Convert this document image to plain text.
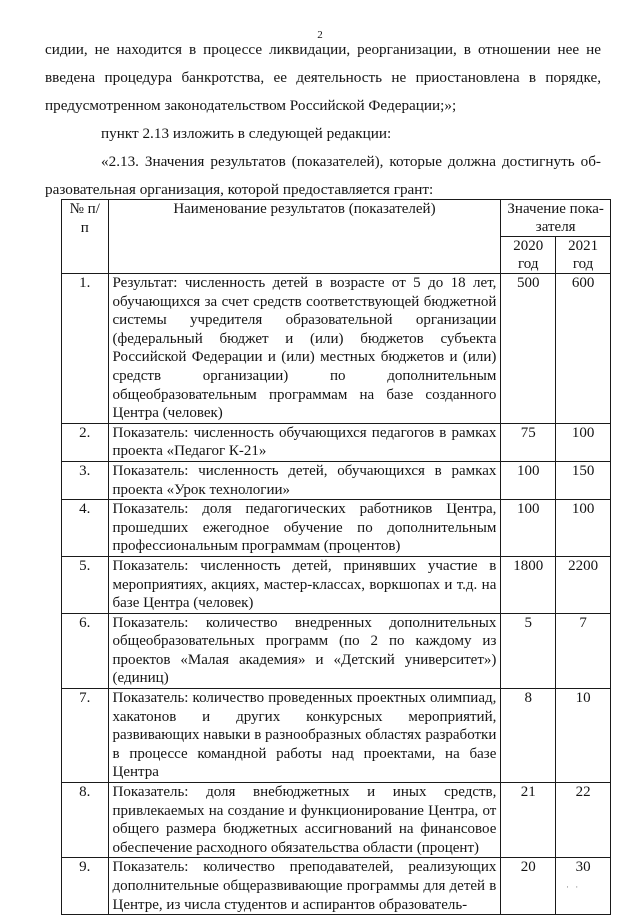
2
сидии, не находится в процессе ликвидации, реорганизации, в отношении нее не
введена процедура банкротства, ее деятельность не приостановлена в порядке,
предусмотренном законодательством Российской Федерации;»;
пункт 2.13 изложить в следующей редакции:
«2.13. Значения результатов (показателей), которые должна достигнуть об-
разовательная организация, которой предоставляется грант:
№ п/п	Наименование результатов (показателей)	Значение пока-зателя	
		2020 год	2021 год
1.	Результат: численность детей в возрасте от 5 до 18 лет, обучающихся за счет средств соответствующей бюджетной системы учредителя образовательной организации (федеральный бюджет и (или) бюджетов субъекта Российской Федерации и (или) местных бюджетов и (или) средств организации) по дополнительным общеобразовательным программам на базе созданного Центра (человек)	500	600
2.	Показатель: численность обучающихся педагогов в рамках проекта «Педагог К-21»	75	100
3.	Показатель: численность детей, обучающихся в рамках проекта «Урок технологии»	100	150
4.	Показатель: доля педагогических работников Центра, прошедших ежегодное обучение по дополнительным профессиональным программам (процентов)	100	100
5.	Показатель: численность детей, принявших участие в мероприятиях, акциях, мастер-классах, воркшопах и т.д. на базе Центра (человек)	1800	2200
6.	Показатель: количество внедренных дополнительных общеобразовательных программ (по 2 по каждому из проектов «Малая академия» и «Детский университет») (единиц)	5	7
7.	Показатель: количество проведенных проектных олимпиад, хакатонов и других конкурсных мероприятий, развивающих навыки в разнообразных областях разработки в процессе командной работы над проектами, на базе Центра	8	10
8.	Показатель: доля внебюджетных и иных средств, привлекаемых на создание и функционирование Центра, от общего размера бюджетных ассигнований на финансовое обеспечение расходного обязательства области (процент)	21	22
9.	Показатель: количество преподавателей, реализующих дополнительные общеразвивающие программы для детей в Центре, из числа студентов и аспирантов образователь-	20	30
· ·
